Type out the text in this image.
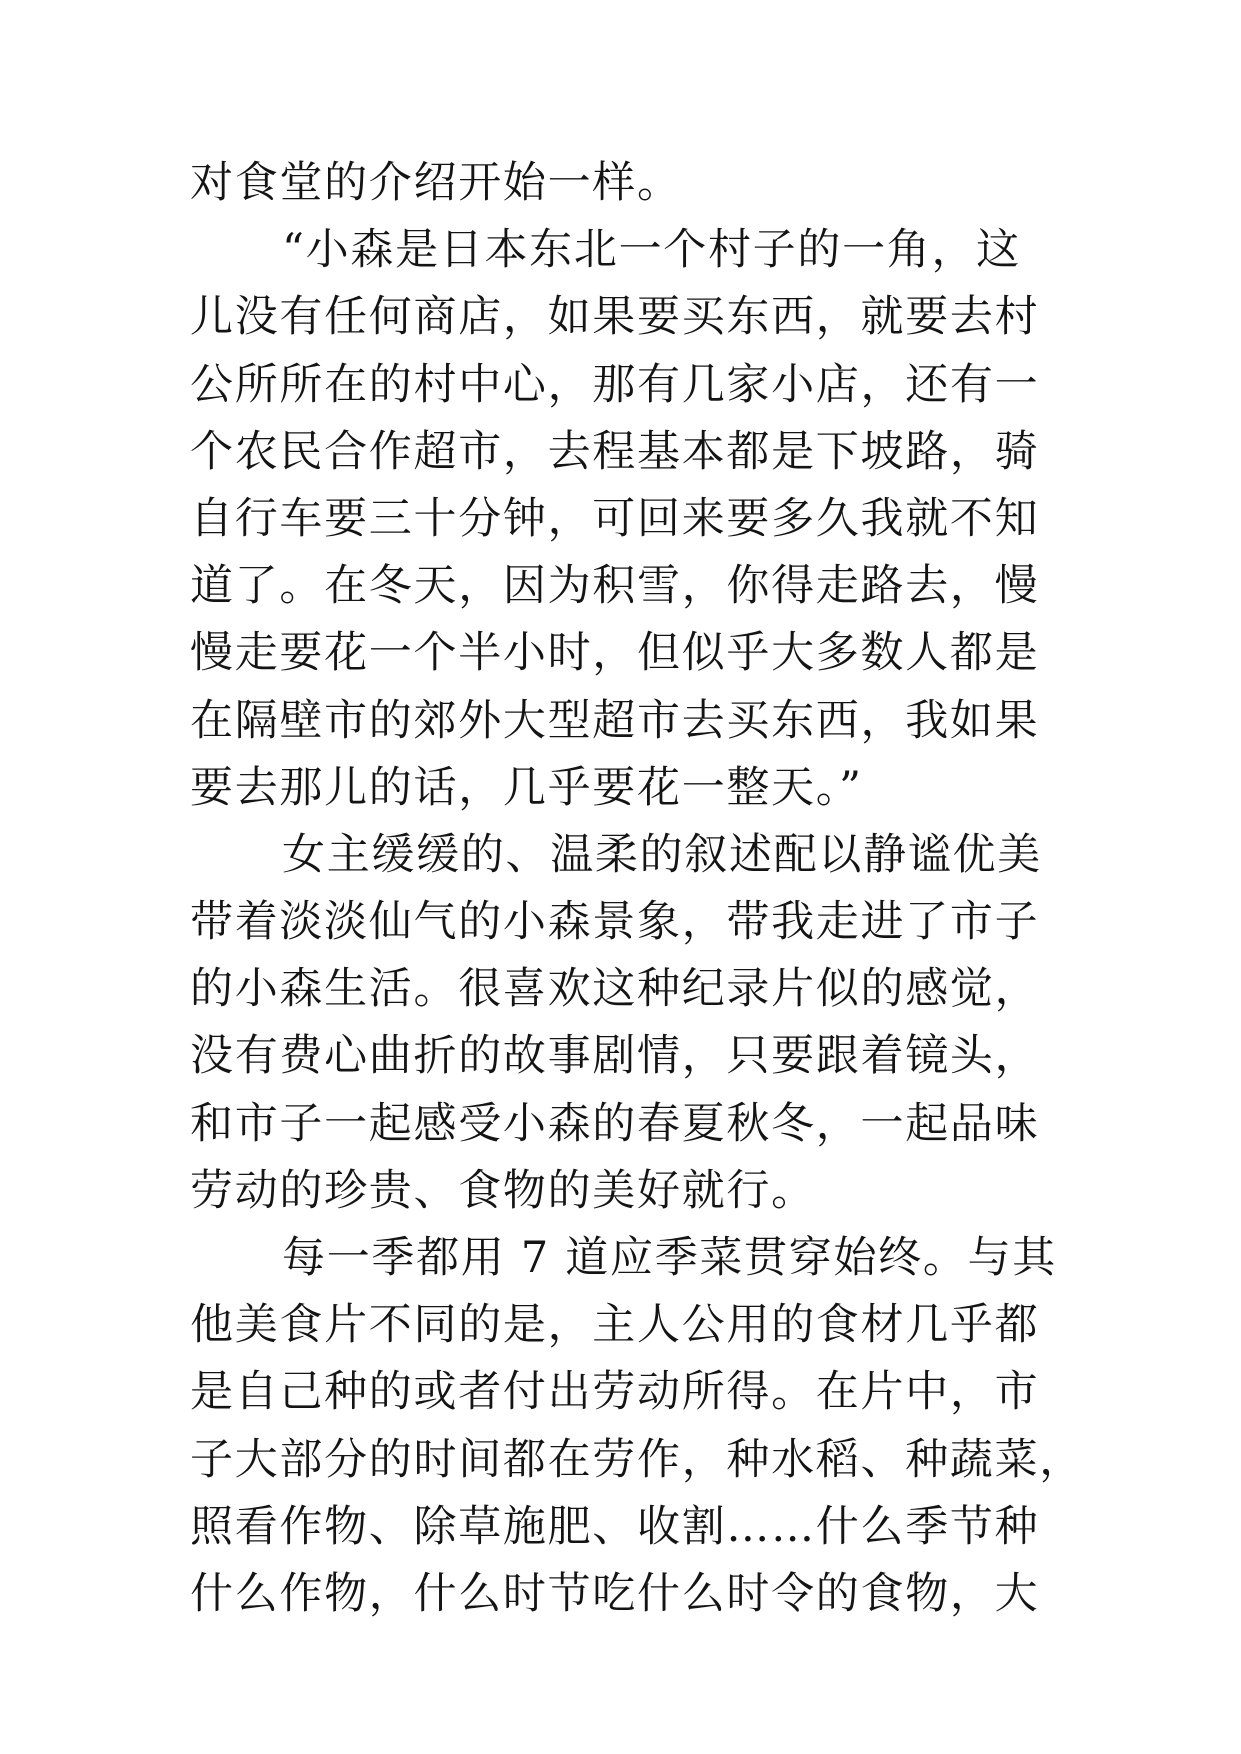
对食堂的介绍开始一样。
“小森是日本东北一个村子的一角，这
儿没有任何商店，如果要买东西，就要去村
公所所在的村中心，那有几家小店，还有一
个农民合作超市，去程基本都是下坡路，骑
自行车要三十分钟，可回来要多久我就不知
道了。在冬天，因为积雪，你得走路去，慢
慢走要花一个半小时，但似乎大多数人都是
在隔壁市的郊外大型超市去买东西，我如果
要去那儿的话，几乎要花一整天。”
女主缓缓的、温柔的叙述配以静谧优美
带着淡淡仙气的小森景象，带我走进了市子
的小森生活。很喜欢这种纪录片似的感觉，
没有费心曲折的故事剧情，只要跟着镜头，
和市子一起感受小森的春夏秋冬，一起品味
劳动的珍贵、食物的美好就行。
每一季都用 7 道应季菜贯穿始终。与其
他美食片不同的是，主人公用的食材几乎都
是自己种的或者付出劳动所得。在片中，市
子大部分的时间都在劳作，种水稻、种蔬菜，
照看作物、除草施肥、收割……什么季节种
什么作物，什么时节吃什么时令的食物，大
